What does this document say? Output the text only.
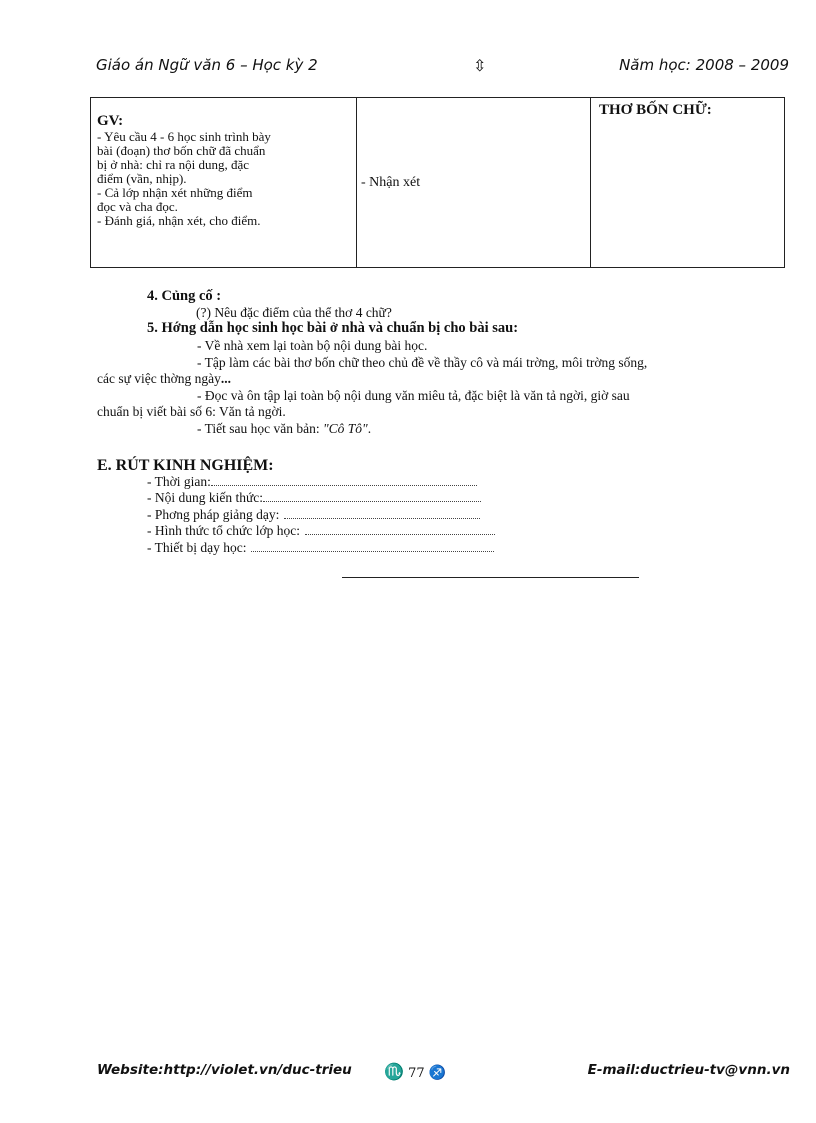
Giáo án Ngữ văn 6 – Học kỳ 2	⇳	Năm học: 2008 – 2009
GV:
- Yêu cầu 4 - 6 học sinh trình bày
bài (đoạn) thơ bốn chữ đã chuẩn
bị ở nhà: chỉ ra nội dung, đặc
điểm (vần, nhịp).
- Cả lớp nhận xét những điểm
đọc và cha đọc.
- Đánh giá, nhận xét, cho điểm.
	- Nhận xét	THƠ BỐN CHỮ:
4. Củng cố :
(?) Nêu đặc điểm của thể thơ 4 chữ?
5. Hớng dẫn học sinh học bài ở nhà và chuẩn bị cho bài sau:
- Về nhà xem lại toàn bộ nội dung bài học.
- Tập làm các bài thơ bốn chữ theo chủ đề về thầy cô và mái trờng, môi trờng sống,
các sự việc thờng ngày...
- Đọc và ôn tập lại toàn bộ nội dung văn miêu tả, đặc biệt là văn tả ngời, giờ sau
chuẩn bị viết bài số 6: Văn tả ngời.
- Tiết sau học văn bản: "Cô Tô".
E. RÚT KINH NGHIỆM:
- Thời gian:
- Nội dung kiến thức:
- Phơng pháp giảng dạy:
- Hình thức tổ chức lớp học:
- Thiết bị dạy học:
Website:http://violet.vn/duc-trieu ♏ 77 ♐	E-mail:ductrieu-tv@vnn.vn
